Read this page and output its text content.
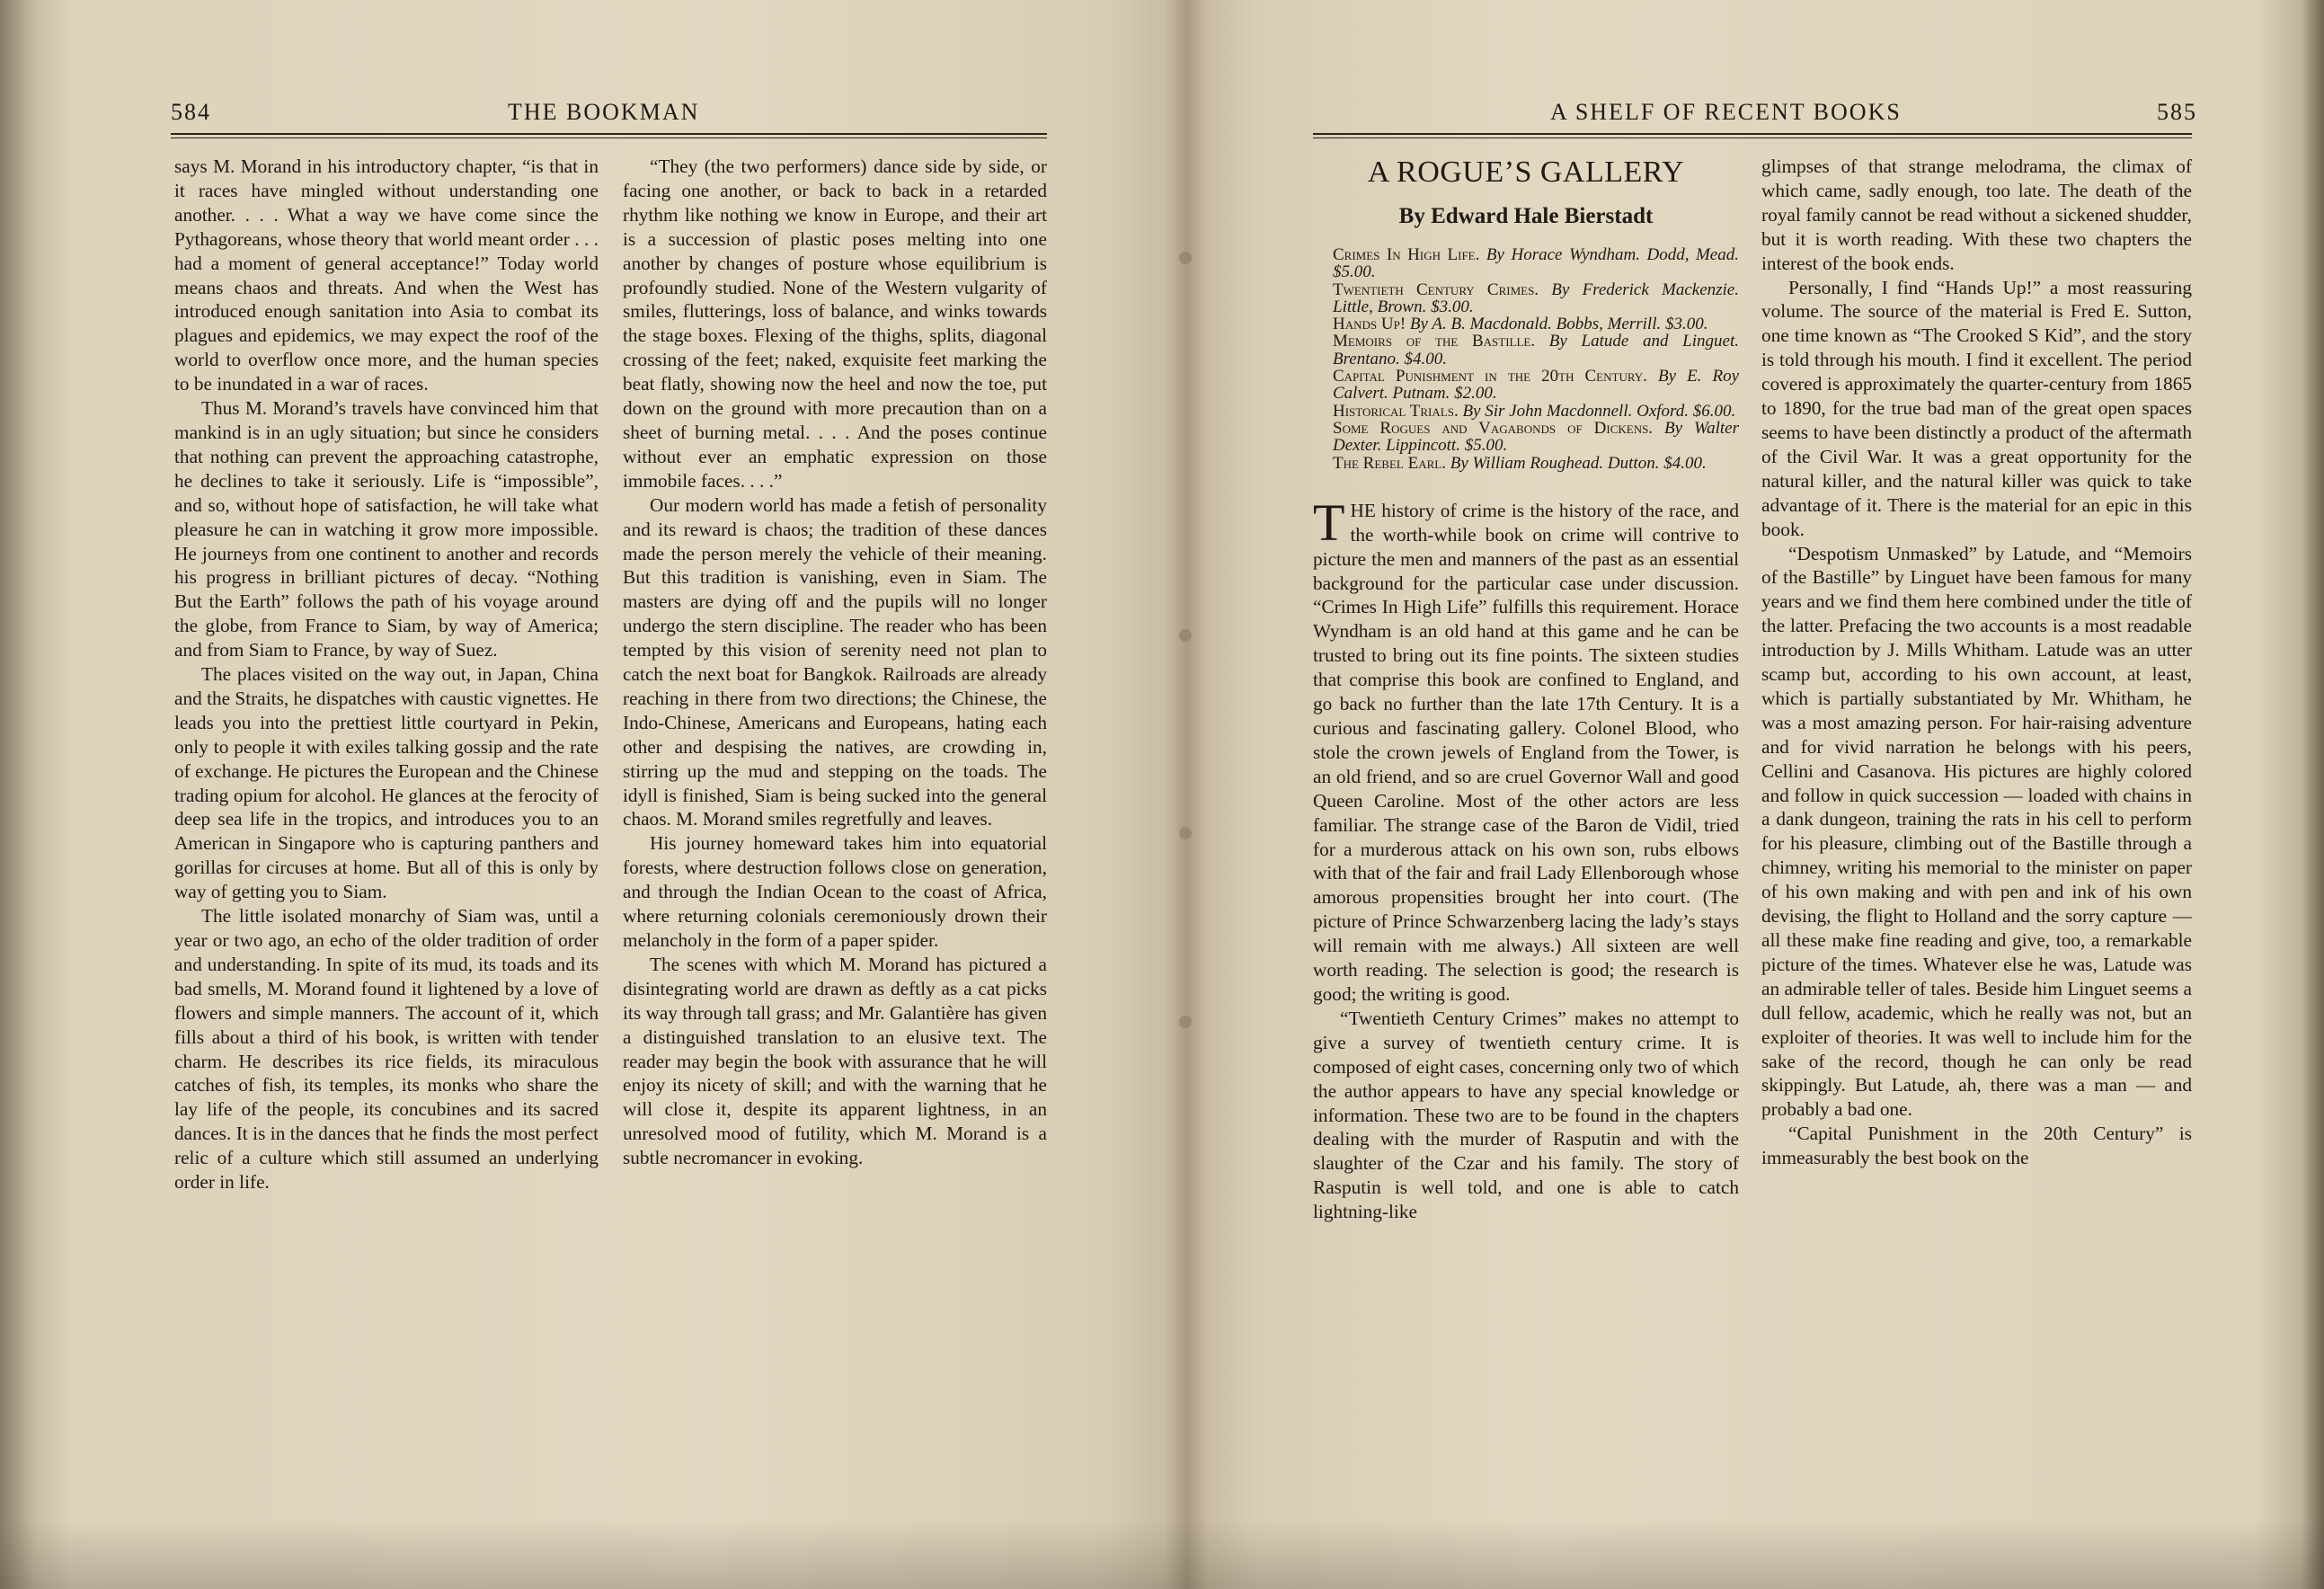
584	THE BOOKMAN

says M. Morand in his introductory chapter, “is that in it races have mingled without understanding one another. . . . What a way we have come since the Pythagoreans, whose theory that world meant order . . . had a moment of general acceptance!” Today world means chaos and threats. And when the West has introduced enough sanitation into Asia to combat its plagues and epidemics, we may expect the roof of the world to overflow once more, and the human species to be inundated in a war of races.

Thus M. Morand’s travels have convinced him that mankind is in an ugly situation; but since he considers that nothing can prevent the approaching catastrophe, he declines to take it seriously. Life is “impossible”, and so, without hope of satisfaction, he will take what pleasure he can in watching it grow more impossible. He journeys from one continent to another and records his progress in brilliant pictures of decay. “Nothing But the Earth” follows the path of his voyage around the globe, from France to Siam, by way of America; and from Siam to France, by way of Suez.

The places visited on the way out, in Japan, China and the Straits, he dispatches with caustic vignettes. He leads you into the prettiest little courtyard in Pekin, only to people it with exiles talking gossip and the rate of exchange. He pictures the European and the Chinese trading opium for alcohol. He glances at the ferocity of deep sea life in the tropics, and introduces you to an American in Singapore who is capturing panthers and gorillas for circuses at home. But all of this is only by way of getting you to Siam.

The little isolated monarchy of Siam was, until a year or two ago, an echo of the older tradition of order and understanding. In spite of its mud, its toads and its bad smells, M. Morand found it lightened by a love of flowers and simple manners. The account of it, which fills about a third of his book, is written with tender charm. He describes its rice fields, its miraculous catches of fish, its temples, its monks who share the lay life of the people, its concubines and its sacred dances. It is in the dances that he finds the most perfect relic of a culture which still assumed an underlying order in life.

“They (the two performers) dance side by side, or facing one another, or back to back in a retarded rhythm like nothing we know in Europe, and their art is a succession of plastic poses melting into one another by changes of posture whose equilibrium is profoundly studied. None of the Western vulgarity of smiles, flutterings, loss of balance, and winks towards the stage boxes. Flexing of the thighs, splits, diagonal crossing of the feet; naked, exquisite feet marking the beat flatly, showing now the heel and now the toe, put down on the ground with more precaution than on a sheet of burning metal. . . . And the poses continue without ever an emphatic expression on those immobile faces. . . .”

Our modern world has made a fetish of personality and its reward is chaos; the tradition of these dances made the person merely the vehicle of their meaning. But this tradition is vanishing, even in Siam. The masters are dying off and the pupils will no longer undergo the stern discipline. The reader who has been tempted by this vision of serenity need not plan to catch the next boat for Bangkok. Railroads are already reaching in there from two directions; the Chinese, the Indo-Chinese, Americans and Europeans, hating each other and despising the natives, are crowding in, stirring up the mud and stepping on the toads. The idyll is finished, Siam is being sucked into the general chaos. M. Morand smiles regretfully and leaves.

His journey homeward takes him into equatorial forests, where destruction follows close on generation, and through the Indian Ocean to the coast of Africa, where returning colonials ceremoniously drown their melancholy in the form of a paper spider.

The scenes with which M. Morand has pictured a disintegrating world are drawn as deftly as a cat picks its way through tall grass; and Mr. Galantière has given a distinguished translation to an elusive text. The reader may begin the book with assurance that he will enjoy its nicety of skill; and with the warning that he will close it, despite its apparent lightness, in an unresolved mood of futility, which M. Morand is a subtle necromancer in evoking.

A SHELF OF RECENT BOOKS	585
A ROGUE’S GALLERY
By Edward Hale Bierstadt

Crimes In High Life. By Horace Wyndham. Dodd, Mead. $5.00.

Twentieth Century Crimes. By Frederick Mackenzie. Little, Brown. $3.00.

Hands Up! By A. B. Macdonald. Bobbs, Merrill. $3.00.

Memoirs of the Bastille. By Latude and Linguet. Brentano. $4.00.

Capital Punishment in the 20th Century. By E. Roy Calvert. Putnam. $2.00.

Historical Trials. By Sir John Macdonnell. Oxford. $6.00.

Some Rogues and Vagabonds of Dickens. By Walter Dexter. Lippincott. $5.00.

The Rebel Earl. By William Roughead. Dutton. $4.00.

THE history of crime is the history of the race, and the worth-while book on crime will contrive to picture the men and manners of the past as an essential background for the particular case under discussion. “Crimes In High Life” fulfills this requirement. Horace Wyndham is an old hand at this game and he can be trusted to bring out its fine points. The sixteen studies that comprise this book are confined to England, and go back no further than the late 17th Century. It is a curious and fascinating gallery. Colonel Blood, who stole the crown jewels of England from the Tower, is an old friend, and so are cruel Governor Wall and good Queen Caroline. Most of the other actors are less familiar. The strange case of the Baron de Vidil, tried for a murderous attack on his own son, rubs elbows with that of the fair and frail Lady Ellenborough whose amorous propensities brought her into court. (The picture of Prince Schwarzenberg lacing the lady’s stays will remain with me always.) All sixteen are well worth reading. The selection is good; the research is good; the writing is good.

“Twentieth Century Crimes” makes no attempt to give a survey of twentieth century crime. It is composed of eight cases, concerning only two of which the author appears to have any special knowledge or information. These two are to be found in the chapters dealing with the murder of Rasputin and with the slaughter of the Czar and his family. The story of Rasputin is well told, and one is able to catch lightning-like

glimpses of that strange melodrama, the climax of which came, sadly enough, too late. The death of the royal family cannot be read without a sickened shudder, but it is worth reading. With these two chapters the interest of the book ends.

Personally, I find “Hands Up!” a most reassuring volume. The source of the material is Fred E. Sutton, one time known as “The Crooked S Kid”, and the story is told through his mouth. I find it excellent. The period covered is approximately the quarter-century from 1865 to 1890, for the true bad man of the great open spaces seems to have been distinctly a product of the aftermath of the Civil War. It was a great opportunity for the natural killer, and the natural killer was quick to take advantage of it. There is the material for an epic in this book.

“Despotism Unmasked” by Latude, and “Memoirs of the Bastille” by Linguet have been famous for many years and we find them here combined under the title of the latter. Prefacing the two accounts is a most readable introduction by J. Mills Whitham. Latude was an utter scamp but, according to his own account, at least, which is partially substantiated by Mr. Whitham, he was a most amazing person. For hair-raising adventure and for vivid narration he belongs with his peers, Cellini and Casanova. His pictures are highly colored and follow in quick succession — loaded with chains in a dank dungeon, training the rats in his cell to perform for his pleasure, climbing out of the Bastille through a chimney, writing his memorial to the minister on paper of his own making and with pen and ink of his own devising, the flight to Holland and the sorry capture — all these make fine reading and give, too, a remarkable picture of the times. Whatever else he was, Latude was an admirable teller of tales. Beside him Linguet seems a dull fellow, academic, which he really was not, but an exploiter of theories. It was well to include him for the sake of the record, though he can only be read skippingly. But Latude, ah, there was a man — and probably a bad one.

“Capital Punishment in the 20th Century” is immeasurably the best book on the
